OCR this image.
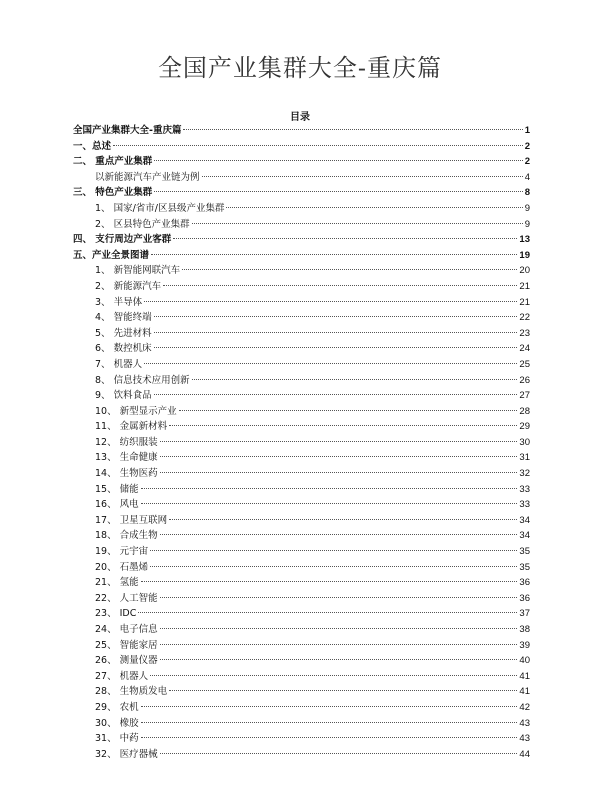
全国产业集群大全-重庆篇
目录
全国产业集群大全-重庆篇	1
一、总述	2
二、 重点产业集群	2
以新能源汽车产业链为例	4
三、 特色产业集群	8
1、 国家/省市/区县级产业集群	9
2、 区县特色产业集群	9
四、 支行周边产业客群	13
五、产业全景图谱	19
1、 新智能网联汽车	20
2、 新能源汽车	21
3、 半导体	21
4、 智能终端	22
5、 先进材料	23
6、 数控机床	24
7、 机器人	25
8、 信息技术应用创新	26
9、 饮料食品	27
10、 新型显示产业	28
11、 金属新材料	29
12、 纺织服装	30
13、 生命健康	31
14、 生物医药	32
15、 储能	33
16、 风电	33
17、 卫星互联网	34
18、 合成生物	34
19、 元宇宙	35
20、 石墨烯	35
21、 氢能	36
22、 人工智能	36
23、 IDC	37
24、 电子信息	38
25、 智能家居	39
26、 测量仪器	40
27、 机器人	41
28、 生物质发电	41
29、 农机	42
30、 橡胶	43
31、 中药	43
32、 医疗器械	44
